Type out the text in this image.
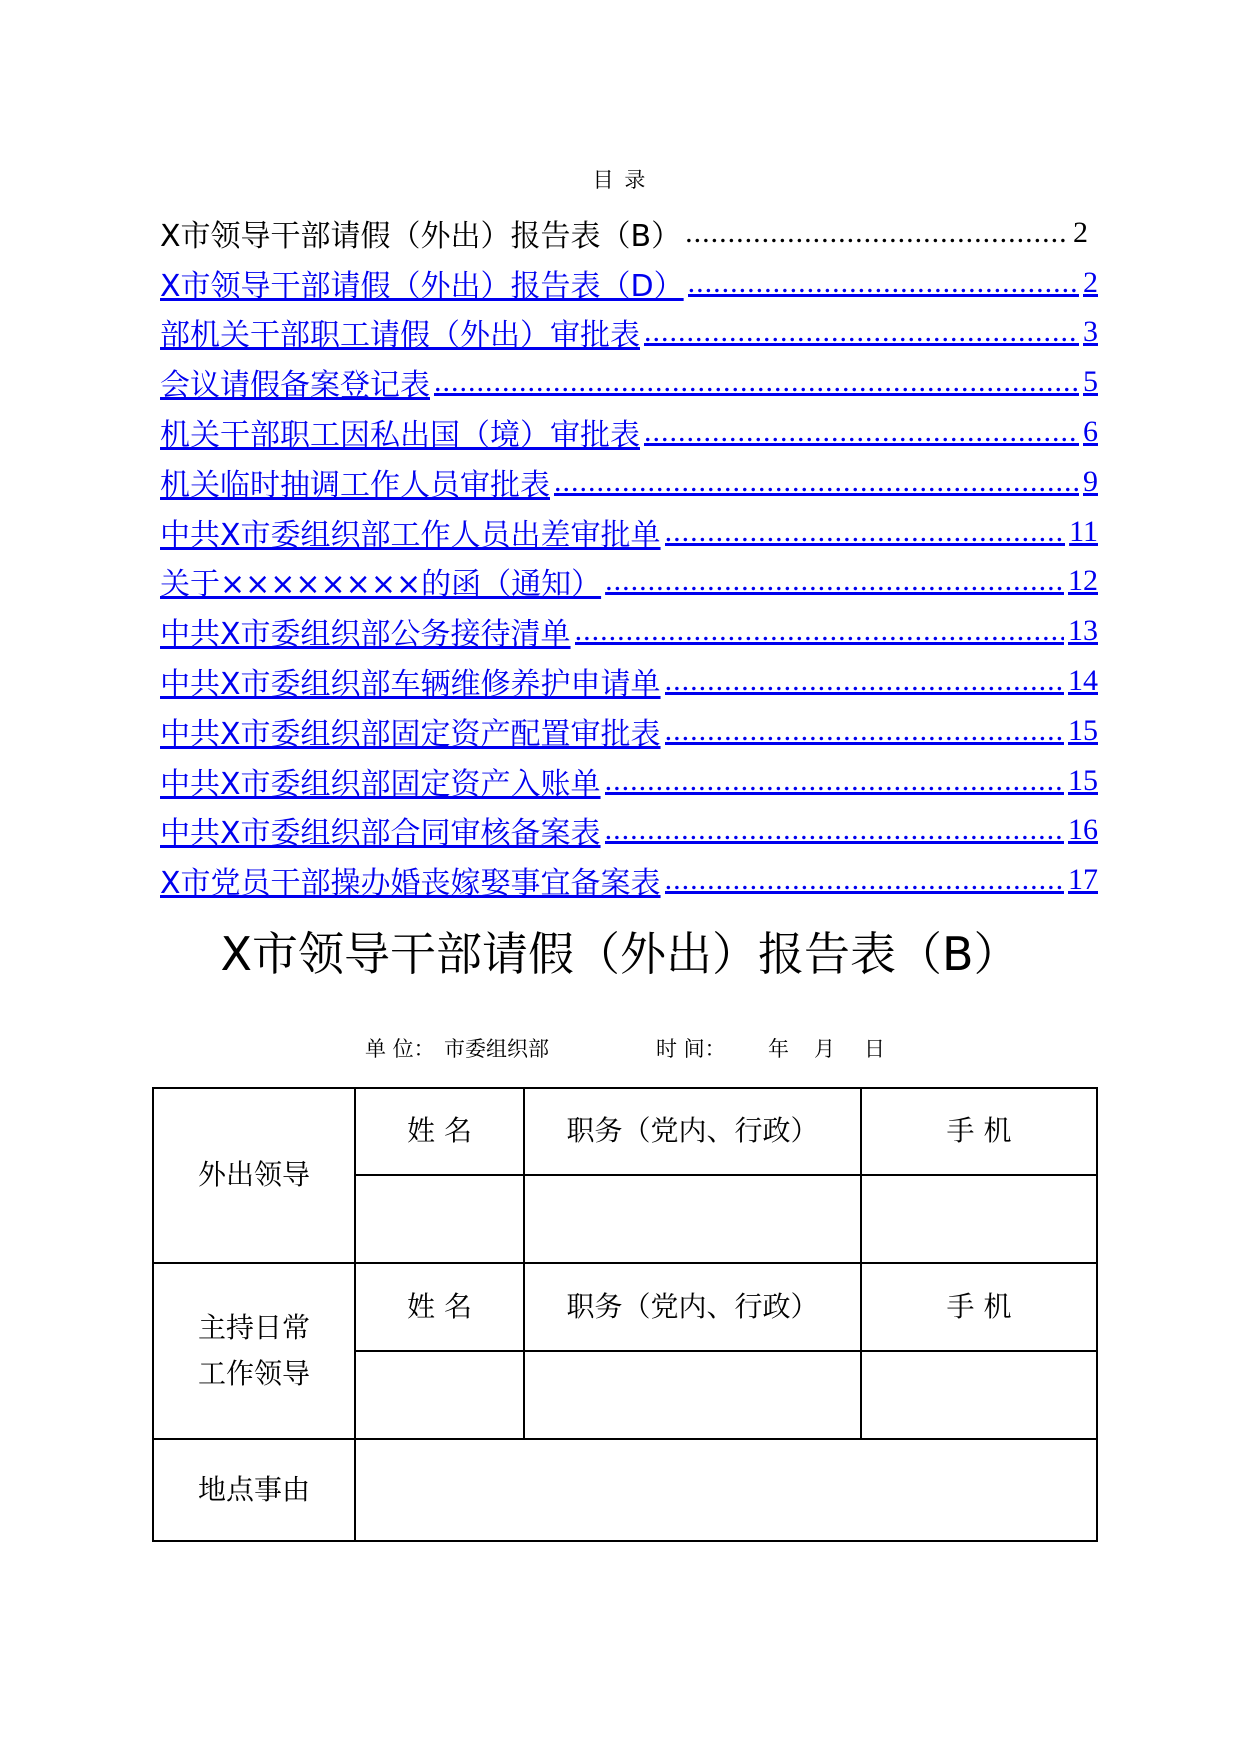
目 录
X市领导干部请假（外出）报告表（B） .....	2
X市领导干部请假（外出）报告表（D） .....	2
部机关干部职工请假（外出）审批表 .....	3
会议请假备案登记表 .....	5
机关干部职工因私出国（境）审批表 .....	6
机关临时抽调工作人员审批表 .....	9
中共X市委组织部工作人员出差审批单 .....	11
关于××××××××的函（通知） .....	12
中共X市委组织部公务接待清单 .....	13
中共X市委组织部车辆维修养护申请单 .....	14
中共X市委组织部固定资产配置审批表 .....	15
中共X市委组织部固定资产入账单 .....	15
中共X市委组织部合同审核备案表 .....	16
X市党员干部操办婚丧嫁娶事宜备案表 .....	17
X市领导干部请假（外出）报告表（B）
单 位： 市委组织部	时 间： 年 月 日
外出领导	姓 名	职务（党内、行政）	手 机

主持日常
工作领导	姓 名	职务（党内、行政）	手 机

地点事由			
